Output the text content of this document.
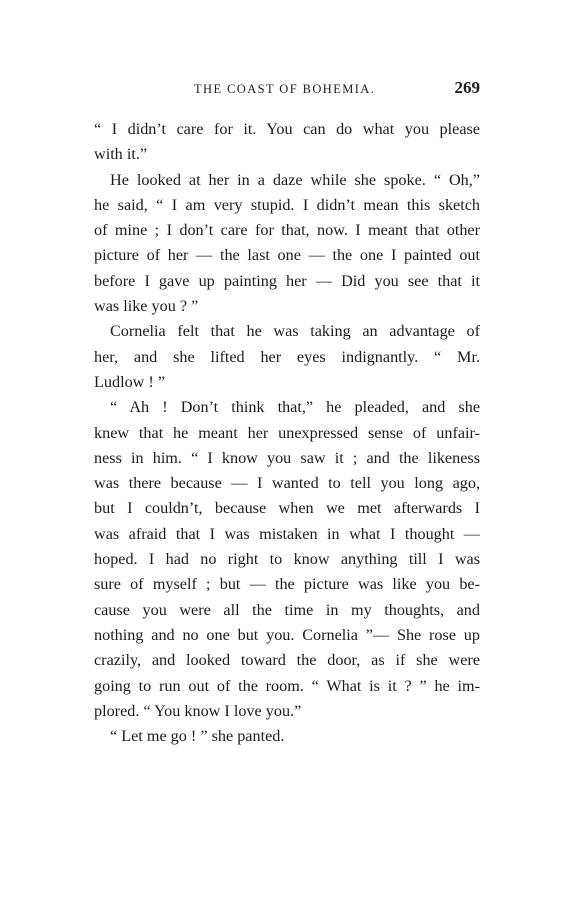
THE COAST OF BOHEMIA.	269
“ I didn’t care for it. You can do what you please
with it.”
He looked at her in a daze while she spoke. “ Oh,”
he said, “ I am very stupid. I didn’t mean this sketch
of mine ; I don’t care for that, now. I meant that other
picture of her — the last one — the one I painted out
before I gave up painting her — Did you see that it
was like you ? ”
Cornelia felt that he was taking an advantage of
her, and she lifted her eyes indignantly. “ Mr.
Ludlow ! ”
“ Ah ! Don’t think that,” he pleaded, and she
knew that he meant her unexpressed sense of unfair-
ness in him. “ I know you saw it ; and the likeness
was there because — I wanted to tell you long ago,
but I couldn’t, because when we met afterwards I
was afraid that I was mistaken in what I thought —
hoped. I had no right to know anything till I was
sure of myself ; but — the picture was like you be-
cause you were all the time in my thoughts, and
nothing and no one but you. Cornelia ”— She rose up
crazily, and looked toward the door, as if she were
going to run out of the room. “ What is it ? ” he im-
plored. “ You know I love you.”
“ Let me go ! ” she panted.
